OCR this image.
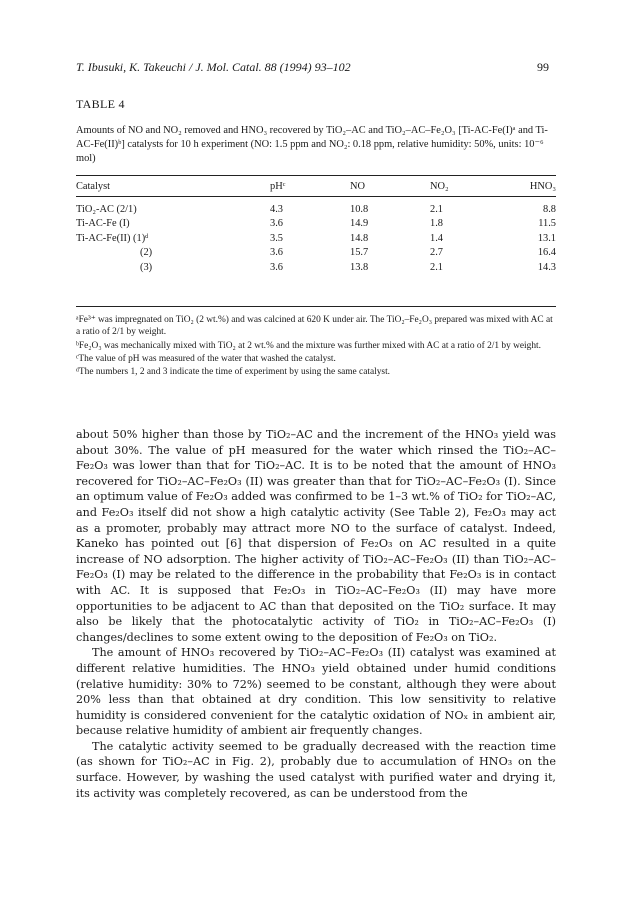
T. Ibusuki, K. Takeuchi / J. Mol. Catal. 88 (1994) 93–102	99
TABLE 4
Amounts of NO and NO₂ removed and HNO₃ recovered by TiO₂–AC and TiO₂–AC–Fe₂O₃ [Ti-AC-Fe(I)ᵃ and Ti-AC-Fe(II)ᵇ] catalysts for 10 h experiment (NO: 1.5 ppm and NO₂: 0.18 ppm, relative humidity: 50%, units: 10⁻⁶ mol)
Catalyst	pHᶜ	NO	NO₂	HNO₃
TiO₂-AC (2/1)	4.3	10.8	2.1	8.8
Ti-AC-Fe (I)	3.6	14.9	1.8	11.5
Ti-AC-Fe(II) (1)ᵈ	3.5	14.8	1.4	13.1
(2)	3.6	15.7	2.7	16.4
(3)	3.6	13.8	2.1	14.3

ᵃFe³⁺ was impregnated on TiO₂ (2 wt.%) and was calcined at 620 K under air. The TiO₂–Fe₂O₃ prepared was mixed with AC at a ratio of 2/1 by weight.

ᵇFe₂O₃ was mechanically mixed with TiO₂ at 2 wt.% and the mixture was further mixed with AC at a ratio of 2/1 by weight.

ᶜThe value of pH was measured of the water that washed the catalyst.

ᵈThe numbers 1, 2 and 3 indicate the time of experiment by using the same catalyst.

about 50% higher than those by TiO₂–AC and the increment of the HNO₃ yield was about 30%. The value of pH measured for the water which rinsed the TiO₂–AC–Fe₂O₃ was lower than that for TiO₂–AC. It is to be noted that the amount of HNO₃ recovered for TiO₂–AC–Fe₂O₃ (II) was greater than that for TiO₂–AC–Fe₂O₃ (I). Since an optimum value of Fe₂O₃ added was confirmed to be 1–3 wt.% of TiO₂ for TiO₂–AC, and Fe₂O₃ itself did not show a high catalytic activity (See Table 2), Fe₂O₃ may act as a promoter, probably may attract more NO to the surface of catalyst. Indeed, Kaneko has pointed out [6] that dispersion of Fe₂O₃ on AC resulted in a quite increase of NO adsorption. The higher activity of TiO₂–AC–Fe₂O₃ (II) than TiO₂–AC–Fe₂O₃ (I) may be related to the difference in the probability that Fe₂O₃ is in contact with AC. It is supposed that Fe₂O₃ in TiO₂–AC–Fe₂O₃ (II) may have more opportunities to be adjacent to AC than that deposited on the TiO₂ surface. It may also be likely that the photocatalytic activity of TiO₂ in TiO₂–AC–Fe₂O₃ (I) changes/declines to some extent owing to the deposition of Fe₂O₃ on TiO₂.

The amount of HNO₃ recovered by TiO₂–AC–Fe₂O₃ (II) catalyst was examined at different relative humidities. The HNO₃ yield obtained under humid conditions (relative humidity: 30% to 72%) seemed to be constant, although they were about 20% less than that obtained at dry condition. This low sensitivity to relative humidity is considered convenient for the catalytic oxidation of NOₓ in ambient air, because relative humidity of ambient air frequently changes.

The catalytic activity seemed to be gradually decreased with the reaction time (as shown for TiO₂–AC in Fig. 2), probably due to accumulation of HNO₃ on the surface. However, by washing the used catalyst with purified water and drying it, its activity was completely recovered, as can be understood from the
